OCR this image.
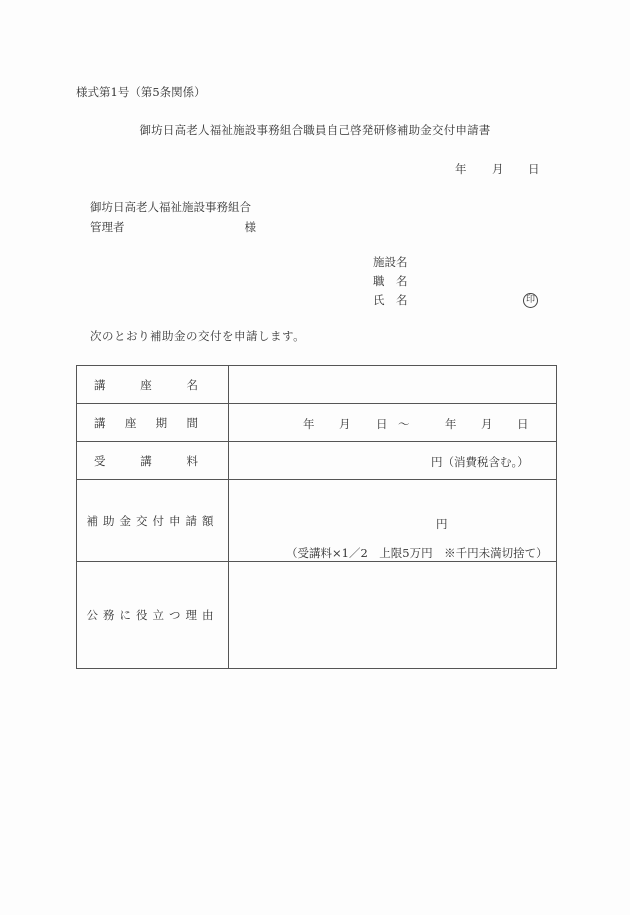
様式第1号（第5条関係）
御坊日高老人福祉施設事務組合職員自己啓発研修補助金交付申請書
年 月 日
御坊日高老人福祉施設事務組合
管理者	様
施設名
職　名
氏　名	印
次のとおり補助金の交付を申請します。
講 座 名	

講 座 期 間	年 月 日 ～	年 月 日

受 講 料	円（消費税含む。）

補助金交付申請額	円
（受講料×1／2　上限5万円　※千円未満切捨て）

公務に役立つ理由	
